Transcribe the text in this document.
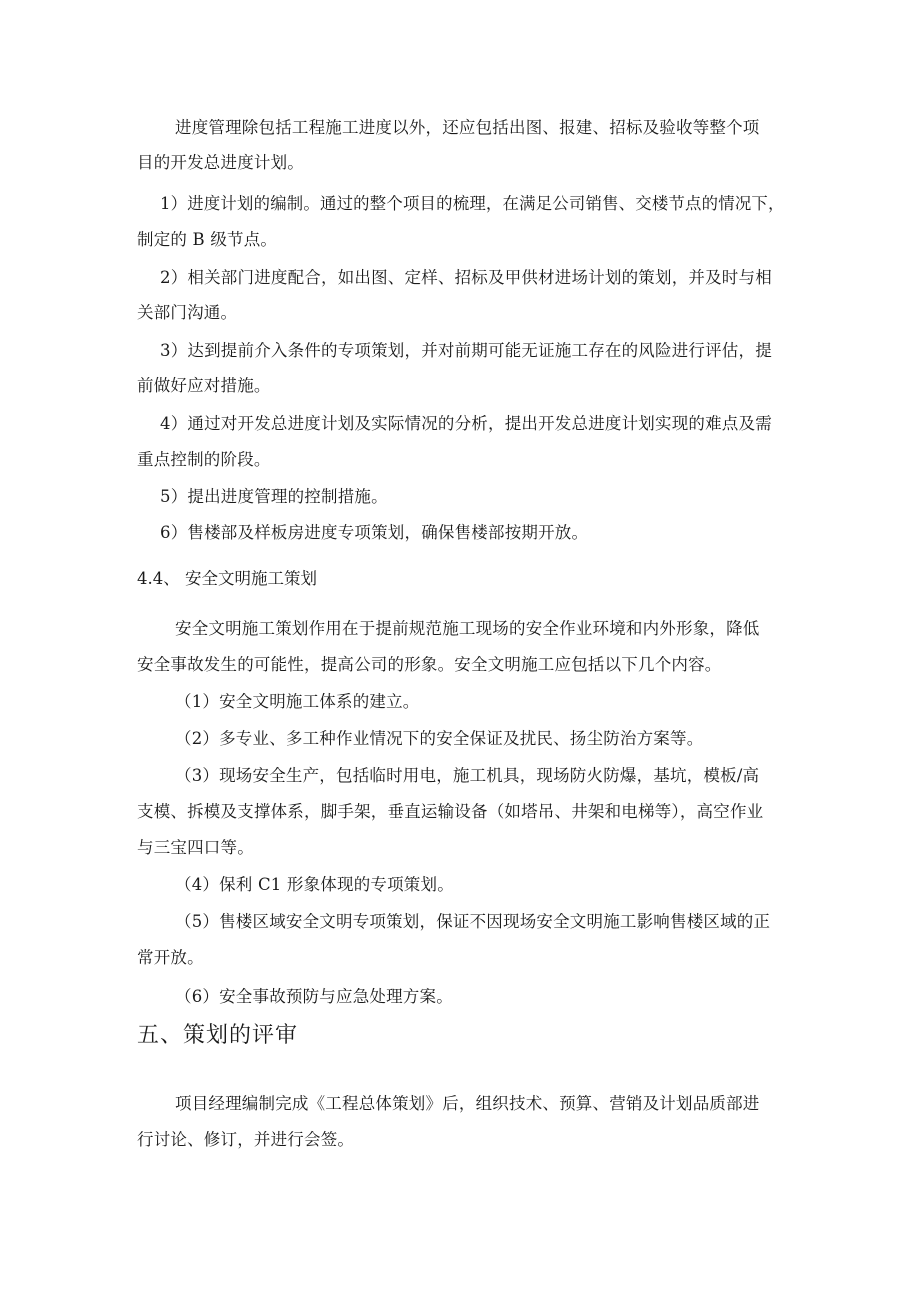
进度管理除包括工程施工进度以外，还应包括出图、报建、招标及验收等整个项
目的开发总进度计划。
1）进度计划的编制。通过的整个项目的梳理，在满足公司销售、交楼节点的情况下，
制定的 B 级节点。
2）相关部门进度配合，如出图、定样、招标及甲供材进场计划的策划，并及时与相
关部门沟通。
3）达到提前介入条件的专项策划，并对前期可能无证施工存在的风险进行评估，提
前做好应对措施。
4）通过对开发总进度计划及实际情况的分析，提出开发总进度计划实现的难点及需
重点控制的阶段。
5）提出进度管理的控制措施。
6）售楼部及样板房进度专项策划，确保售楼部按期开放。
4.4、 安全文明施工策划
安全文明施工策划作用在于提前规范施工现场的安全作业环境和内外形象，降低
安全事故发生的可能性，提高公司的形象。安全文明施工应包括以下几个内容。
（1）安全文明施工体系的建立。
（2）多专业、多工种作业情况下的安全保证及扰民、扬尘防治方案等。
（3）现场安全生产，包括临时用电，施工机具，现场防火防爆，基坑，模板/高
支模、拆模及支撑体系，脚手架，垂直运输设备（如塔吊、井架和电梯等），高空作业
与三宝四口等。
（4）保利 C1 形象体现的专项策划。
（5）售楼区域安全文明专项策划，保证不因现场安全文明施工影响售楼区域的正
常开放。
（6）安全事故预防与应急处理方案。
五、策划的评审
项目经理编制完成《工程总体策划》后，组织技术、预算、营销及计划品质部进
行讨论、修订，并进行会签。
